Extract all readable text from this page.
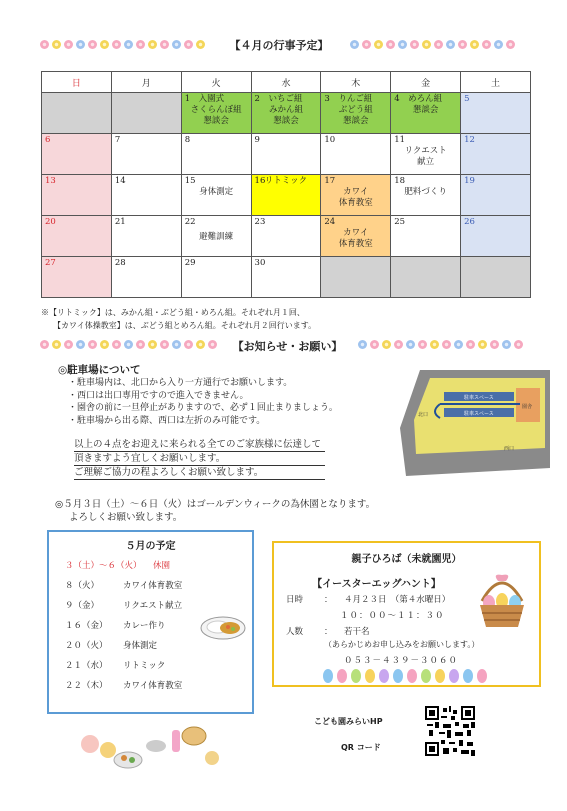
【４月の行事予定】
日	月	火	水	木	金	土

		1　 入園式
さくらんぼ組
懇談会	2　 いちご組
みかん組
懇談会	3　 りんご組
ぶどう組
懇談会	4　 めろん組
懇談会	5

6	7	8	9	10	11
リクエスト
献立	12

13	14	15
身体測定	16 リトミック	17
カワイ
体育教室	18
肥料づくり	19

20	21	22
避難訓練	23	24
カワイ
体育教室	25	26

27	28	29	30			

※【リトミック】は、みかん組・ぶどう組・めろん組。それぞれ月１回、
【カワイ体操教室】は、ぶどう組とめろん組。それぞれ月２回行います。
【お知らせ・お願い】
◎駐車場について
・駐車場内は、北口から入り一方通行でお願いします。
・西口は出口専用ですので進入できません。
・園舎の前に一旦停止がありますので、必ず１回止まりましょう。
・駐車場から出る際、西口は左折のみ可能です。
以上の４点をお迎えに来られる全てのご家族様に伝達して
頂きますよう宜しくお願いします。
ご理解ご協力の程よろしくお願い致します。
駐車スペース
駐車スペース
園舎
北口
西口
◎５月３日（土）～６日（火）はゴールデンウィークの為休園となります。
よろしくお願い致します。
５月の予定
３（土）～６（火） 休園
８（火）	カワイ体育教室
９（金）	リクエスト献立
１６（金） カレー作り
２０（火） 身体測定
２１（水） リトミック
２２（木） カワイ体育教室
親子ひろば（未就園児）
【イースターエッグハント】
日時 ： ４月２３日　（第４水曜日）
１０：００～１１：３０
人数 ： 若干名
（あらかじめお申し込みをお願いします。）
０５３－４３９－３０６０
こども園みらいHP
QR コード
